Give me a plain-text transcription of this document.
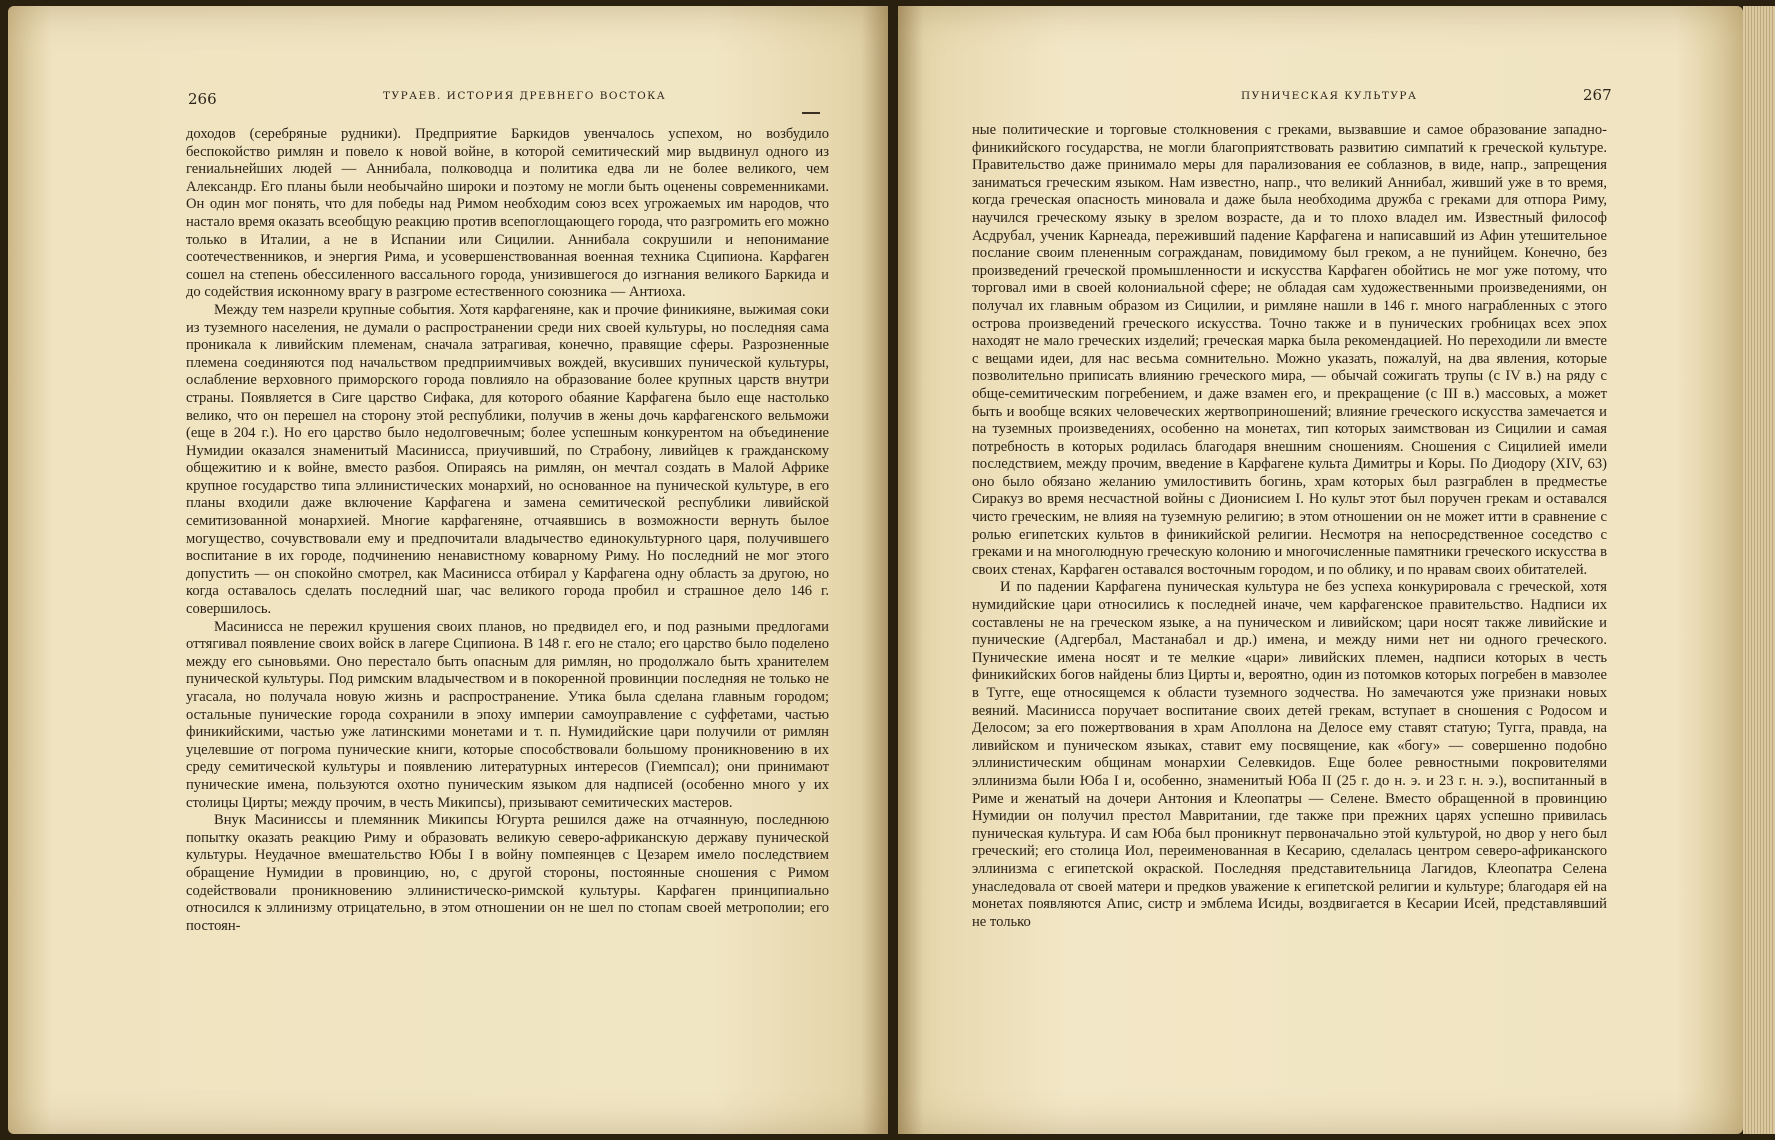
266	ТУРАЕВ. ИСТОРИЯ ДРЕВНЕГО ВОСТОКА

доходов (серебряные рудники). Предприятие Баркидов увенчалось успехом, но возбудило беспокойство римлян и повело к новой войне, в которой семитический мир выдвинул одного из гениальнейших людей — Аннибала, полководца и политика едва ли не более великого, чем Александр. Его планы были необычайно широки и поэтому не могли быть оценены современниками. Он один мог понять, что для победы над Римом необходим союз всех угрожаемых им народов, что настало время оказать всеобщую реакцию против всепоглощающего города, что разгромить его можно только в Италии, а не в Испании или Сицилии. Аннибала сокрушили и непонимание соотечественников, и энергия Рима, и усовершенствованная военная техника Сципиона. Карфаген сошел на степень обессиленного вассального города, унизившегося до изгнания великого Баркида и до содействия исконному врагу в разгроме естественного союзника — Антиоха.

Между тем назрели крупные события. Хотя карфагеняне, как и прочие финикияне, выжимая соки из туземного населения, не думали о распространении среди них своей культуры, но последняя сама проникала к ливийским племенам, сначала затрагивая, конечно, правящие сферы. Разрозненные племена соединяются под начальством предприимчивых вождей, вкусивших пунической культуры, ослабление верховного приморского города повлияло на образование более крупных царств внутри страны. Появляется в Сиге царство Сифака, для которого обаяние Карфагена было еще настолько велико, что он перешел на сторону этой республики, получив в жены дочь карфагенского вельможи (еще в 204 г.). Но его царство было недолговечным; более успешным конкурентом на объединение Нумидии оказался знаменитый Масинисса, приучивший, по Страбону, ливийцев к гражданскому общежитию и к войне, вместо разбоя. Опираясь на римлян, он мечтал создать в Малой Африке крупное государство типа эллинистических монархий, но основанное на пунической культуре, в его планы входили даже включение Карфагена и замена семитической республики ливийской семитизованной монархией. Многие карфагеняне, отчаявшись в возможности вернуть былое могущество, сочувствовали ему и предпочитали владычество единокультурного царя, получившего воспитание в их городе, подчинению ненавистному коварному Риму. Но последний не мог этого допустить — он спокойно смотрел, как Масинисса отбирал у Карфагена одну область за другою, но когда оставалось сделать последний шаг, час великого города пробил и страшное дело 146 г. совершилось.

Масинисса не пережил крушения своих планов, но предвидел его, и под разными предлогами оттягивал появление своих войск в лагере Сципиона. В 148 г. его не стало; его царство было поделено между его сыновьями. Оно перестало быть опасным для римлян, но продолжало быть хранителем пунической культуры. Под римским владычеством и в покоренной провинции последняя не только не угасала, но получала новую жизнь и распространение. Утика была сделана главным городом; остальные пунические города сохранили в эпоху империи самоуправление с суффетами, частью финикийскими, частью уже латинскими монетами и т. п. Нумидийские цари получили от римлян уцелевшие от погрома пунические книги, которые способствовали большому проникновению в их среду семитической культуры и появлению литературных интересов (Гиемпсал); они принимают пунические имена, пользуются охотно пуническим языком для надписей (особенно много у их столицы Цирты; между прочим, в честь Микипсы), призывают семитических мастеров.

Внук Масиниссы и племянник Микипсы Югурта решился даже на отчаянную, последнюю попытку оказать реакцию Риму и образовать великую северо-африканскую державу пунической культуры. Неудачное вмешательство Юбы I в войну помпеянцев с Цезарем имело последствием обращение Нумидии в провинцию, но, с другой стороны, постоянные сношения с Римом содействовали проникновению эллинистическо-римской культуры. Карфаген принципиально относился к эллинизму отрицательно, в этом отношении он не шел по стопам своей метрополии; его постоян-

ПУНИЧЕСКАЯ КУЛЬТУРА	267

ные политические и торговые столкновения с греками, вызвавшие и самое образование западно-финикийского государства, не могли благоприятствовать развитию симпатий к греческой культуре. Правительство даже принимало меры для парализования ее соблазнов, в виде, напр., запрещения заниматься греческим языком. Нам известно, напр., что великий Аннибал, живший уже в то время, когда греческая опасность миновала и даже была необходима дружба с греками для отпора Риму, научился греческому языку в зрелом возрасте, да и то плохо владел им. Известный философ Асдрубал, ученик Карнеада, переживший падение Карфагена и написавший из Афин утешительное послание своим плененным согражданам, повидимому был греком, а не пунийцем. Конечно, без произведений греческой промышленности и искусства Карфаген обойтись не мог уже потому, что торговал ими в своей колониальной сфере; не обладая сам художественными произведениями, он получал их главным образом из Сицилии, и римляне нашли в 146 г. много награбленных с этого острова произведений греческого искусства. Точно также и в пунических гробницах всех эпох находят не мало греческих изделий; греческая марка была рекомендацией. Но переходили ли вместе с вещами идеи, для нас весьма сомнительно. Можно указать, пожалуй, на два явления, которые позволительно приписать влиянию греческого мира, — обычай сожигать трупы (с IV в.) на ряду с обще-семитическим погребением, и даже взамен его, и прекращение (с III в.) массовых, а может быть и вообще всяких человеческих жертвоприношений; влияние греческого искусства замечается и на туземных произведениях, особенно на монетах, тип которых заимствован из Сицилии и самая потребность в которых родилась благодаря внешним сношениям. Сношения с Сицилией имели последствием, между прочим, введение в Карфагене культа Димитры и Коры. По Диодору (XIV, 63) оно было обязано желанию умилостивить богинь, храм которых был разграблен в предместье Сиракуз во время несчастной войны с Дионисием I. Но культ этот был поручен грекам и оставался чисто греческим, не влияя на туземную религию; в этом отношении он не может итти в сравнение с ролью египетских культов в финикийской религии. Несмотря на непосредственное соседство с греками и на многолюдную греческую колонию и многочисленные памятники греческого искусства в своих стенах, Карфаген оставался восточным городом, и по облику, и по нравам своих обитателей.

И по падении Карфагена пуническая культура не без успеха конкурировала с греческой, хотя нумидийские цари относились к последней иначе, чем карфагенское правительство. Надписи их составлены не на греческом языке, а на пуническом и ливийском; цари носят также ливийские и пунические (Адгербал, Мастанабал и др.) имена, и между ними нет ни одного греческого. Пунические имена носят и те мелкие «цари» ливийских племен, надписи которых в честь финикийских богов найдены близ Цирты и, вероятно, один из потомков которых погребен в мавзолее в Тугге, еще относящемся к области туземного зодчества. Но замечаются уже признаки новых веяний. Масинисса поручает воспитание своих детей грекам, вступает в сношения с Родосом и Делосом; за его пожертвования в храм Аполлона на Делосе ему ставят статую; Тугга, правда, на ливийском и пуническом языках, ставит ему посвящение, как «богу» — совершенно подобно эллинистическим общинам монархии Селевкидов. Еще более ревностными покровителями эллинизма были Юба I и, особенно, знаменитый Юба II (25 г. до н. э. и 23 г. н. э.), воспитанный в Риме и женатый на дочери Антония и Клеопатры — Селене. Вместо обращенной в провинцию Нумидии он получил престол Мавритании, где также при прежних царях успешно привилась пуническая культура. И сам Юба был проникнут первоначально этой культурой, но двор у него был греческий; его столица Иол, переименованная в Кесарию, сделалась центром северо-африканского эллинизма с египетской окраской. Последняя представительница Лагидов, Клеопатра Селена унаследовала от своей матери и предков уважение к египетской религии и культуре; благодаря ей на монетах появляются Апис, систр и эмблема Исиды, воздвигается в Кесарии Исей, представлявший не только
